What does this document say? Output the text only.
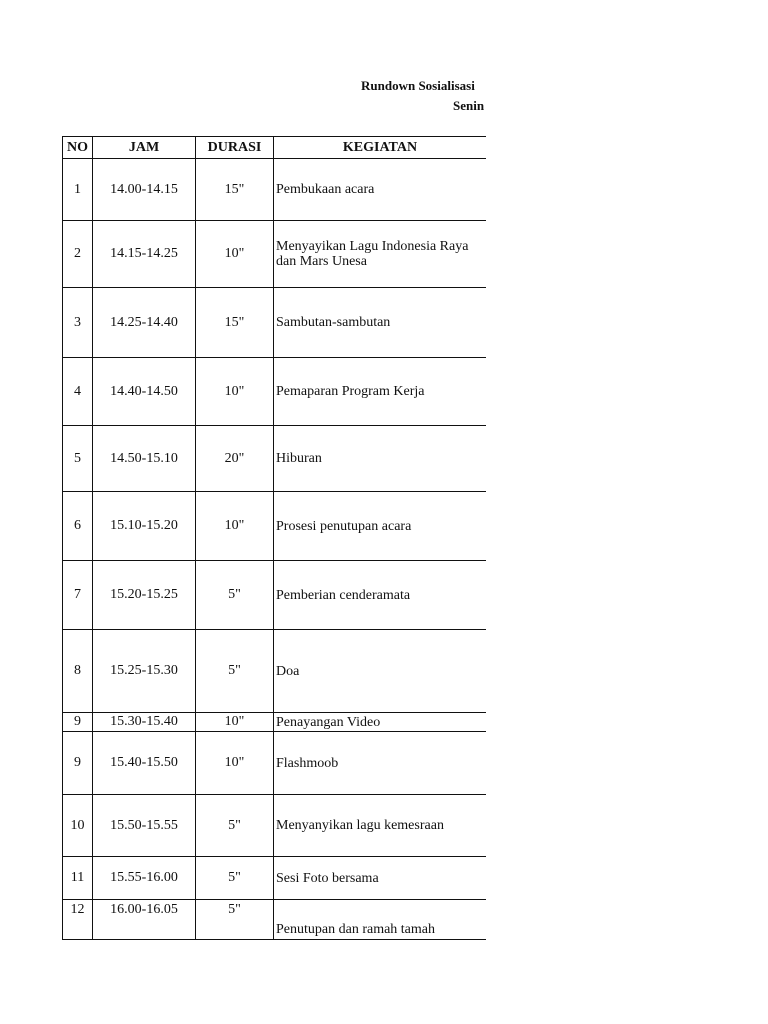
Rundown Sosialisasi
Senin
NO	JAM	DURASI	KEGIATAN
1	14.00-14.15	15"	Pembukaan acara
2	14.15-14.25	10"	Menyayikan Lagu Indonesia Raya dan Mars Unesa
3	14.25-14.40	15"	Sambutan-sambutan
4	14.40-14.50	10"	Pemaparan Program Kerja
5	14.50-15.10	20"	Hiburan
6	15.10-15.20	10"	Prosesi penutupan acara
7	15.20-15.25	5"	Pemberian cenderamata
8	15.25-15.30	5"	Doa
9	15.30-15.40	10"	Penayangan Video
9	15.40-15.50	10"	Flashmoob
10	15.50-15.55	5"	Menyanyikan lagu kemesraan
11	15.55-16.00	5"	Sesi Foto bersama
12	16.00-16.05	5"	Penutupan dan ramah tamah
